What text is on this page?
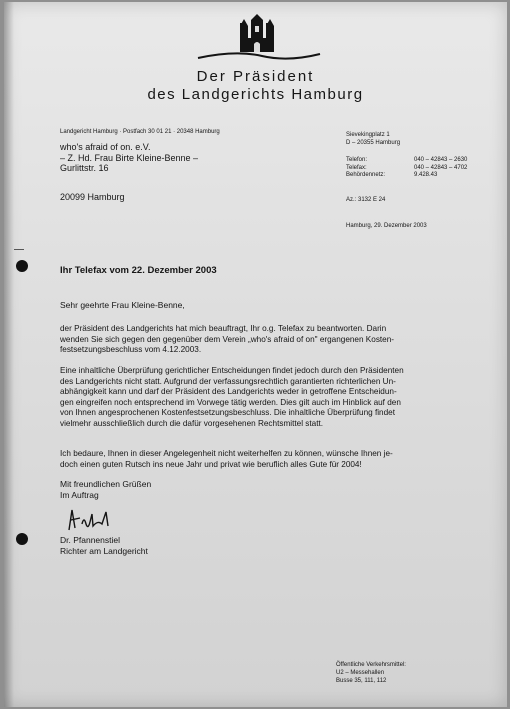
Der Präsident
des Landgerichts Hamburg
Landgericht Hamburg · Postfach 30 01 21 · 20348 Hamburg
who's afraid of on. e.V.
– Z. Hd. Frau Birte Kleine-Benne –
Gurlittstr. 16
20099 Hamburg
Sievekingplatz 1
D – 20355 Hamburg
Telefon:	040 – 42843 – 2630
Telefax:	040 – 42843 – 4702
Behördennetz:	9.428.43
Az.: 3132 E 24
Hamburg, 29. Dezember 2003
Ihr Telefax vom 22. Dezember 2003
Sehr geehrte Frau Kleine-Benne,
der Präsident des Landgerichts hat mich beauftragt, Ihr o.g. Telefax zu beantworten. Darin
wenden Sie sich gegen den gegenüber dem Verein „who's afraid of on" ergangenen Kosten-
festsetzungsbeschluss vom 4.12.2003.
Eine inhaltliche Überprüfung gerichtlicher Entscheidungen findet jedoch durch den Präsidenten
des Landgerichts nicht statt. Aufgrund der verfassungsrechtlich garantierten richterlichen Un-
abhängigkeit kann und darf der Präsident des Landgerichts weder in getroffene Entscheidun-
gen eingreifen noch entsprechend im Vorwege tätig werden. Dies gilt auch im Hinblick auf den
von Ihnen angesprochenen Kostenfestsetzungsbeschluss. Die inhaltliche Überprüfung findet
vielmehr ausschließlich durch die dafür vorgesehenen Rechtsmittel statt.
Ich bedaure, Ihnen in dieser Angelegenheit nicht weiterhelfen zu können, wünsche Ihnen je-
doch einen guten Rutsch ins neue Jahr und privat wie beruflich alles Gute für 2004!
Mit freundlichen Grüßen
Im Auftrag
Dr. Pfannenstiel
Richter am Landgericht
Öffentliche Verkehrsmittel:
U2 – Messehallen
Busse 35, 111, 112
